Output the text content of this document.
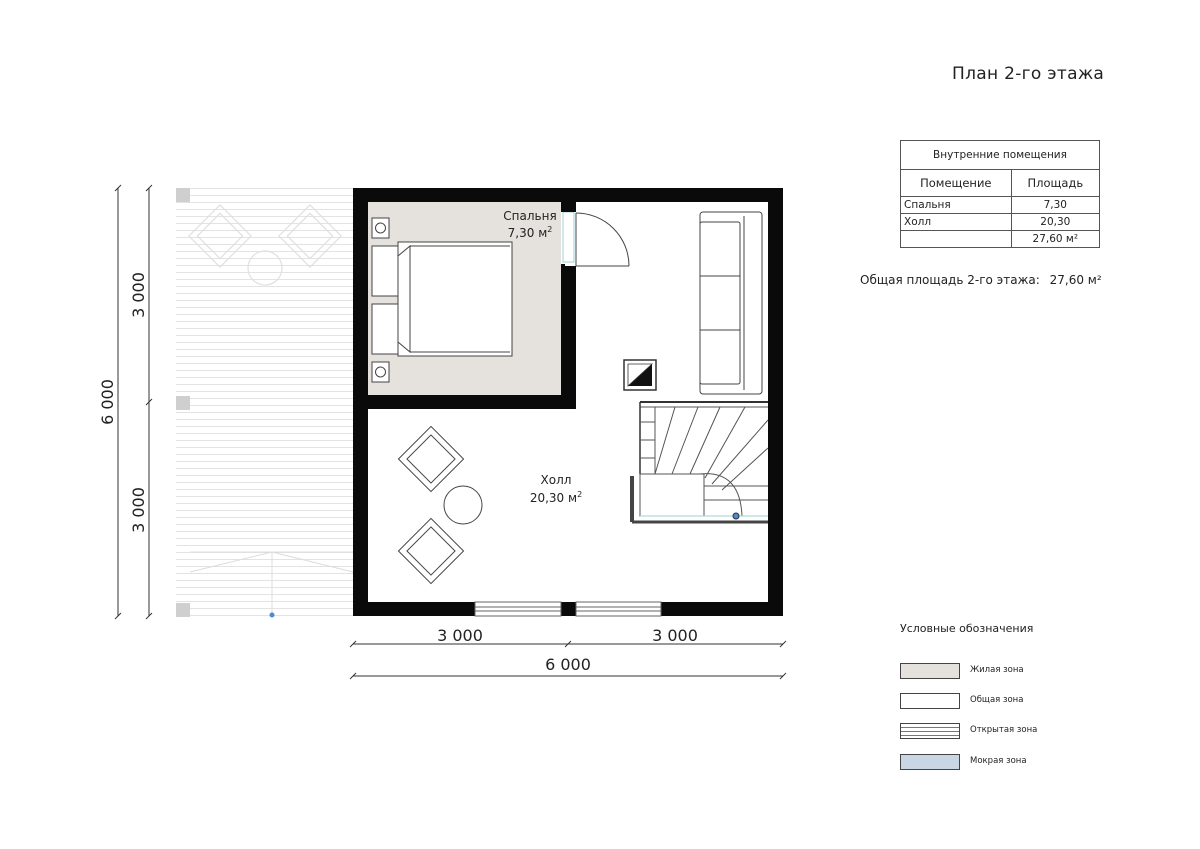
Спальня
7,30 $м^2$
Холл
20,30 $м^2$
3 000	3 000
6 000
3 000
3 000
6 000
План 2-го этажа
Внутренние помещения	
Помещение	Площадь
Спальня	7,30
Холл	20,30
	27,60 м²
Общая площадь 2-го этажа: 27,60 м²
Условные обозначения
Жилая зона
Общая зона
Открытая зона
Мокрая зона
